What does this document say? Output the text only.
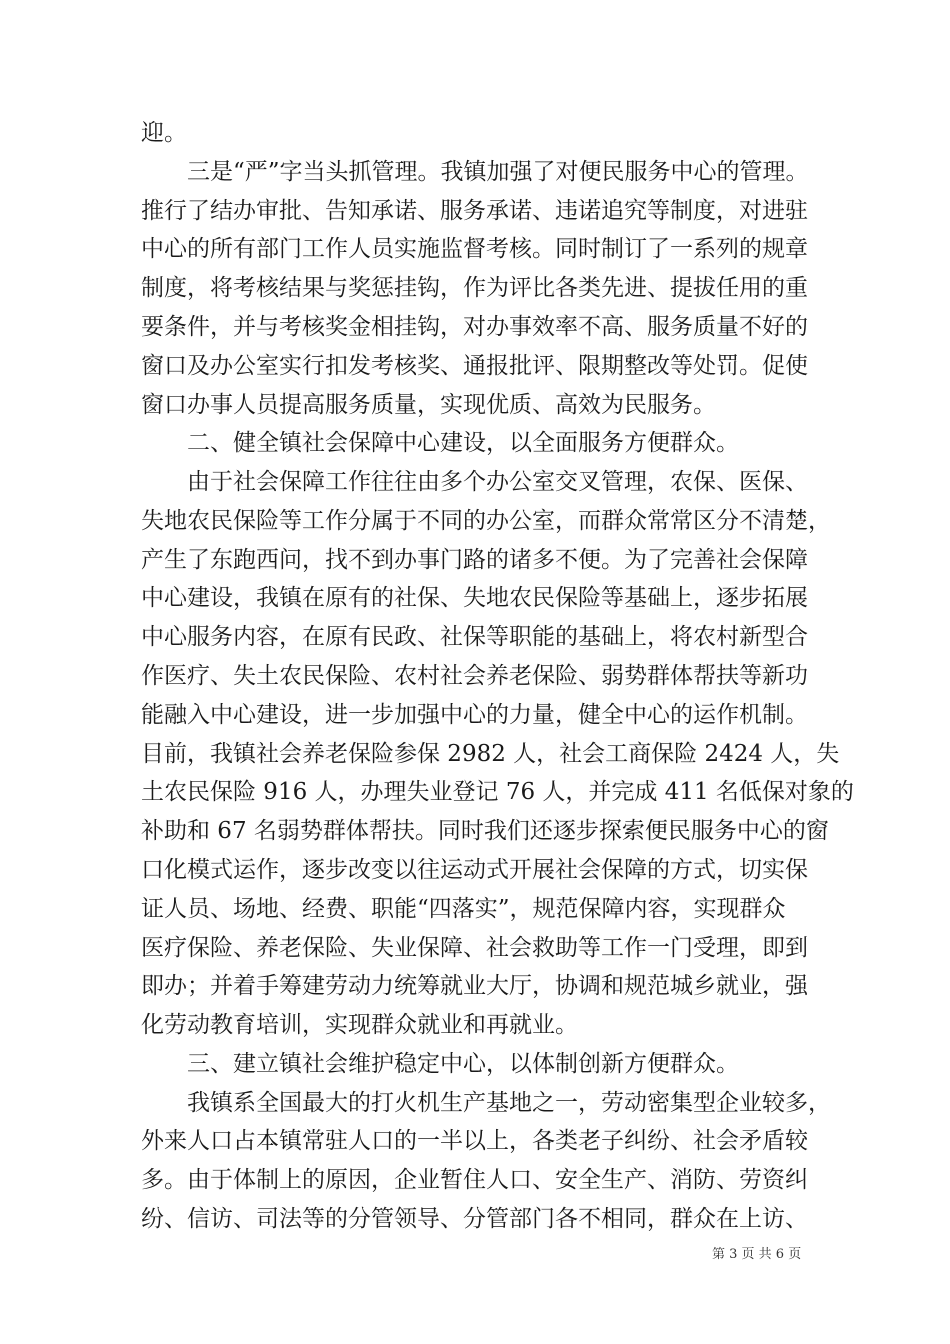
迎。
三是“严”字当头抓管理。我镇加强了对便民服务中心的管理。
推行了结办审批、告知承诺、服务承诺、违诺追究等制度，对进驻
中心的所有部门工作人员实施监督考核。同时制订了一系列的规章
制度，将考核结果与奖惩挂钩，作为评比各类先进、提拔任用的重
要条件，并与考核奖金相挂钩，对办事效率不高、服务质量不好的
窗口及办公室实行扣发考核奖、通报批评、限期整改等处罚。促使
窗口办事人员提高服务质量，实现优质、高效为民服务。
二、健全镇社会保障中心建设，以全面服务方便群众。
由于社会保障工作往往由多个办公室交叉管理，农保、医保、
失地农民保险等工作分属于不同的办公室，而群众常常区分不清楚，
产生了东跑西问，找不到办事门路的诸多不便。为了完善社会保障
中心建设，我镇在原有的社保、失地农民保险等基础上，逐步拓展
中心服务内容，在原有民政、社保等职能的基础上，将农村新型合
作医疗、失土农民保险、农村社会养老保险、弱势群体帮扶等新功
能融入中心建设，进一步加强中心的力量，健全中心的运作机制。
目前，我镇社会养老保险参保 2982 人，社会工商保险 2424 人，失
土农民保险 916 人，办理失业登记 76 人，并完成 411 名低保对象的
补助和 67 名弱势群体帮扶。同时我们还逐步探索便民服务中心的窗
口化模式运作，逐步改变以往运动式开展社会保障的方式，切实保
证人员、场地、经费、职能“四落实”，规范保障内容，实现群众
医疗保险、养老保险、失业保障、社会救助等工作一门受理，即到
即办；并着手筹建劳动力统筹就业大厅，协调和规范城乡就业，强
化劳动教育培训，实现群众就业和再就业。
三、建立镇社会维护稳定中心，以体制创新方便群众。
我镇系全国最大的打火机生产基地之一，劳动密集型企业较多，
外来人口占本镇常驻人口的一半以上，各类老子纠纷、社会矛盾较
多。由于体制上的原因，企业暂住人口、安全生产、消防、劳资纠
纷、信访、司法等的分管领导、分管部门各不相同，群众在上访、
第 3 页 共 6 页
